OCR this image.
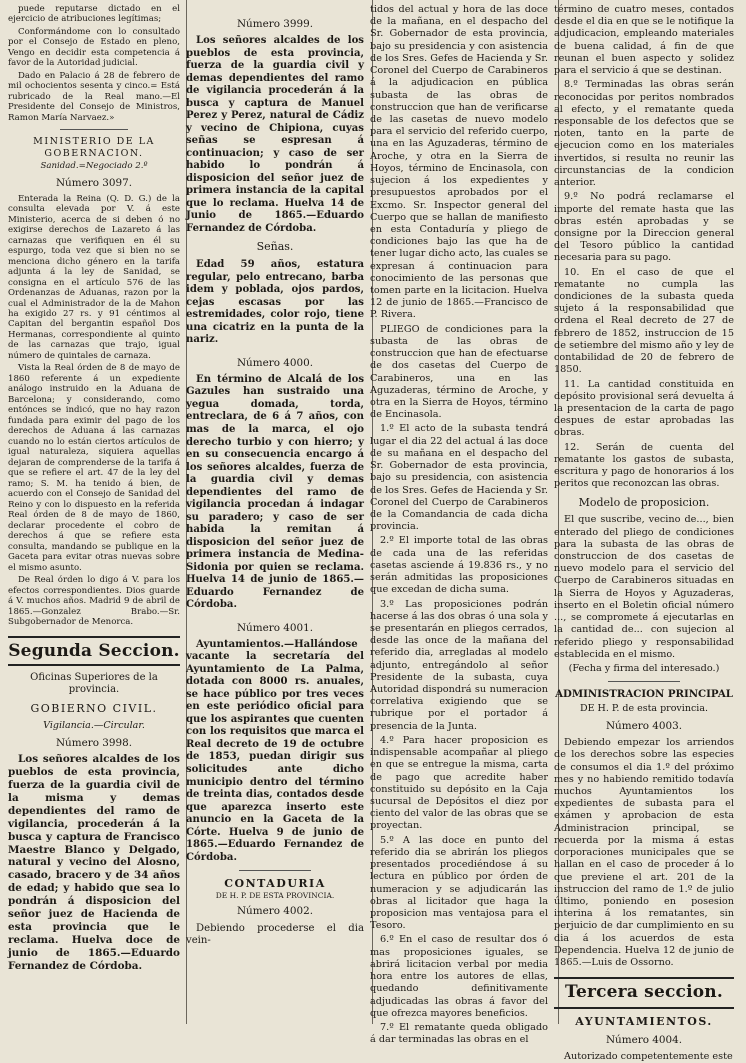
puede reputarse dictado en el ejercicio de atribuciones legítimas;

Conformándome con lo consultado por el Consejo de Estado en pleno, Vengo en decidir esta competencia á favor de la Autoridad judicial.

Dado en Palacio á 28 de febrero de mil ochocientos sesenta y cinco.= Está rubricado de la Real mano.—El Presidente del Consejo de Ministros, Ramon María Narvaez.»

MINISTERIO DE LA GOBERNACION.

Sanidad.=Negociado 2.º

Número 3097.

Enterada la Reina (Q. D. G.) de la consulta elevada por V. á este Ministerio, acerca de si deben ó no exigirse derechos de Lazareto á las carnazas que verifiquen en él su espurgo, toda vez que si bien no se menciona dicho género en la tarifa adjunta á la ley de Sanidad, se consigna en el artículo 576 de las Ordenanzas de Aduanas, razon por la cual el Administrador de la de Mahon ha exigido 27 rs. y 91 céntimos al Capitan del bergantin español Dos Hermanas, correspondiente al quinto de las carnazas que trajo, igual número de quintales de carnaza.

Vista la Real órden de 8 de mayo de 1860 referente á un expediente análogo instruido en la Aduana de Barcelona; y considerando, como entónces se indicó, que no hay razon fundada para eximir del pago de los derechos de Aduana á las carnazas cuando no lo están ciertos artículos de igual naturaleza, siquiera aquellas dejaran de comprenderse de la tarifa á que se refiere el art. 47 de la ley del ramo; S. M. ha tenido á bien, de acuerdo con el Consejo de Sanidad del Reino y con lo dispuesto en la referida Real órden de 8 de mayo de 1860, declarar procedente el cobro de derechos á que se refiere esta consulta, mandando se publique en la Gaceta para evitar otras nuevas sobre el mismo asunto.

De Real órden lo digo á V. para los efectos correspondientes. Dios guarde á V. muchos años. Madrid 9 de abril de 1865.—Gonzalez Brabo.—Sr. Subgobernador de Menorca.

Segunda Seccion.

Oficinas Superiores de la provincia.

GOBIERNO CIVIL.

Vigilancia.—Circular.

Número 3998.

Los señores alcaldes de los pueblos de esta provincia, fuerza de la guardia civil de la misma y demas dependientes del ramo de vigilancia, procederán á la busca y captura de Francisco Maestre Blanco y Delgado, natural y vecino del Alosno, casado, bracero y de 34 años de edad; y habido que sea lo pondrán á disposicion del señor juez de Hacienda de esta provincia que le reclama. Huelva doce de junio de 1865.—Eduardo Fernandez de Córdoba.

Número 3999.

Los señores alcaldes de los pueblos de esta provincia, fuerza de la guardia civil y demas dependientes del ramo de vigilancia procederán á la busca y captura de Manuel Perez y Perez, natural de Cádiz y vecino de Chipiona, cuyas señas se espresan á continuacion; y caso de ser habido lo pondrán á disposicion del señor juez de primera instancia de la capital que lo reclama. Huelva 14 de Junio de 1865.—Eduardo Fernandez de Córdoba.

Señas.

Edad 59 años, estatura regular, pelo entrecano, barba idem y poblada, ojos pardos, cejas escasas por las estremidades, color rojo, tiene una cicatriz en la punta de la nariz.

Número 4000.

En término de Alcalá de los Gazules han sustraido una yegua domada, torda, entreclara, de 6 á 7 años, con mas de la marca, el ojo derecho turbio y con hierro; y en su consecuencia encargo á los señores alcaldes, fuerza de la guardia civil y demas dependientes del ramo de vigilancia procedan á indagar su paradero; y caso de ser habida la remitan á disposicion del señor juez de primera instancia de Medina-Sidonia por quien se reclama. Huelva 14 de junio de 1865.—Eduardo Fernandez de Córdoba.

Número 4001.

Ayuntamientos.—Hallándose vacante la secretaría del Ayuntamiento de La Palma, dotada con 8000 rs. anuales, se hace público por tres veces en este periódico oficial para que los aspirantes que cuenten con los requisitos que marca el Real decreto de 19 de octubre de 1853, puedan dirigir sus solicitudes ante dicho municipio dentro del término de treinta dias, contados desde que aparezca inserto este anuncio en la Gaceta de la Córte. Huelva 9 de junio de 1865.—Eduardo Fernandez de Córdoba.

CONTADURIA

DE H. P. DE ESTA PROVINCIA.

Número 4002.

Debiendo procederse el dia vein-

tidos del actual y hora de las doce de la mañana, en el despacho del Sr. Gobernador de esta provincia, bajo su presidencia y con asistencia de los Sres. Gefes de Hacienda y Sr. Coronel del Cuerpo de Carabineros á la adjudicacion en pública subasta de las obras de construccion que han de verificarse de las casetas de nuevo modelo para el servicio del referido cuerpo, una en las Aguzaderas, término de Aroche, y otra en la Sierra de Hoyos, término de Encinasola, con sujecion á los expedientes y presupuestos aprobados por el Excmo. Sr. Inspector general del Cuerpo que se hallan de manifiesto en esta Contaduría y pliego de condiciones bajo las que ha de tener lugar dicho acto, las cuales se expresan á continuacion para conocimiento de las personas que tomen parte en la licitacion. Huelva 12 de junio de 1865.—Francisco de P. Rivera.

PLIEGO de condiciones para la subasta de las obras de construccion que han de efectuarse de dos casetas del Cuerpo de Carabineros, una en las Aguzaderas, término de Aroche, y otra en la Sierra de Hoyos, término de Encinasola.

1.º El acto de la subasta tendrá lugar el dia 22 del actual á las doce de su mañana en el despacho del Sr. Gobernador de esta provincia, bajo su presidencia, con asistencia de los Sres. Gefes de Hacienda y Sr. Coronel del Cuerpo de Carabineros de la Comandancia de cada dicha provincia.

2.º El importe total de las obras de cada una de las referidas casetas asciende á 19.836 rs., y no serán admitidas las proposiciones que excedan de dicha suma.

3.º Las proposiciones podrán hacerse á las dos obras ó una sola y se presentarán en pliegos cerrados, desde las once de la mañana del referido dia, arregladas al modelo adjunto, entregándolo al señor Presidente de la subasta, cuya Autoridad dispondrá su numeracion correlativa exigiendo que se rubrique por el portador á presencia de la Junta.

4.º Para hacer proposicion es indispensable acompañar al pliego en que se entregue la misma, carta de pago que acredite haber constituido su depósito en la Caja sucursal de Depósitos el diez por ciento del valor de las obras que se proyectan.

5.º A las doce en punto del referido dia se abrirán los pliegos presentados procediéndose á su lectura en público por órden de numeracion y se adjudicarán las obras al licitador que haga la proposicion mas ventajosa para el Tesoro.

6.º En el caso de resultar dos ó mas proposiciones iguales, se abrirá licitacion verbal por media hora entre los autores de ellas, quedando definitivamente adjudicadas las obras á favor del que ofrezca mayores beneficios.

7.º El rematante queda obligado á dar terminadas las obras en el

término de cuatro meses, contados desde el dia en que se le notifique la adjudicacion, empleando materiales de buena calidad, á fin de que reunan el buen aspecto y solidez para el servicio á que se destinan.

8.º Terminadas las obras serán reconocidas por peritos nombrados al efecto, y el rematante queda responsable de los defectos que se noten, tanto en la parte de ejecucion como en los materiales invertidos, si resulta no reunir las circunstancias de la condicion anterior.

9.º No podrá reclamarse el importe del remate hasta que las obras estén aprobadas y se consigne por la Direccion general del Tesoro público la cantidad necesaria para su pago.

10. En el caso de que el rematante no cumpla las condiciones de la subasta queda sujeto á la responsabilidad que ordena el Real decreto de 27 de febrero de 1852, instruccion de 15 de setiembre del mismo año y ley de contabilidad de 20 de febrero de 1850.

11. La cantidad constituida en depósito provisional será devuelta á la presentacion de la carta de pago despues de estar aprobadas las obras.

12. Serán de cuenta del rematante los gastos de subasta, escritura y pago de honorarios á los peritos que reconozcan las obras.

Modelo de proposicion.

El que suscribe, vecino de..., bien enterado del pliego de condiciones para la subasta de las obras de construccion de dos casetas de nuevo modelo para el servicio del Cuerpo de Carabineros situadas en la Sierra de Hoyos y Aguzaderas, inserto en el Boletin oficial número ..., se compromete á ejecutarlas en la cantidad de... con sujecion al referido pliego y responsabilidad establecida en el mismo.

(Fecha y firma del interesado.)

ADMINISTRACION PRINCIPAL

DE H. P. de esta provincia.

Número 4003.

Debiendo empezar los arriendos de los derechos sobre las especies de consumos el dia 1.º del próximo mes y no habiendo remitido todavía muchos Ayuntamientos los expedientes de subasta para el exámen y aprobacion de esta Administracion principal, se recuerda por la misma á estas corporaciones municipales que se hallan en el caso de proceder á lo que previene el art. 201 de la instruccion del ramo de 1.º de julio último, poniendo en posesion interina á los rematantes, sin perjuicio de dar cumplimiento en su dia á los acuerdos de esta Dependencia. Huelva 12 de junio de 1865.—Luis de Ossorno.

Tercera seccion.

AYUNTAMIENTOS.

Número 4004.

Autorizado competentemente este
